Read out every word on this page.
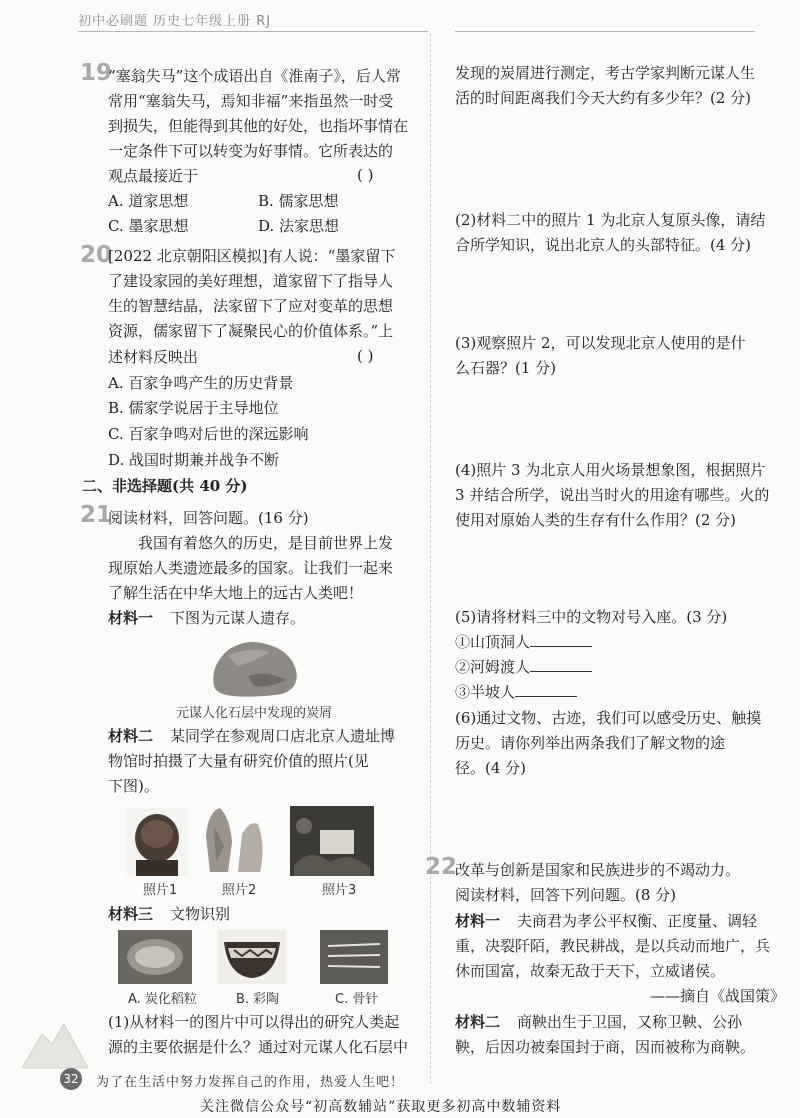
初中必刷题 历史七年级上册 RJ
19
“塞翁失马”这个成语出自《淮南子》，后人常
常用“塞翁失马，焉知非福”来指虽然一时受
到损失，但能得到其他的好处，也指坏事情在
一定条件下可以转变为好事情。它所表达的
观点最接近于	( )
A. 道家思想	B. 儒家思想
C. 墨家思想	D. 法家思想
20
[2022 北京朝阳区模拟]有人说：“墨家留下
了建设家园的美好理想，道家留下了指导人
生的智慧结晶，法家留下了应对变革的思想
资源，儒家留下了凝聚民心的价值体系。”上
述材料反映出	( )
A. 百家争鸣产生的历史背景
B. 儒家学说居于主导地位
C. 百家争鸣对后世的深远影响
D. 战国时期兼并战争不断
二、非选择题(共 40 分)
21
阅读材料，回答问题。(16 分)
我国有着悠久的历史，是目前世界上发
现原始人类遗迹最多的国家。让我们一起来
了解生活在中华大地上的远古人类吧！
材料一 下图为元谋人遗存。
元谋人化石层中发现的炭屑
材料二 某同学在参观周口店北京人遗址博
物馆时拍摄了大量有研究价值的照片(见
下图)。
照片1	照片2	照片3
材料三 文物识别
A. 炭化稻粒	B. 彩陶	C. 骨针
(1)从材料一的图片中可以得出的研究人类起
源的主要依据是什么？通过对元谋人化石层中
发现的炭屑进行测定，考古学家判断元谋人生
活的时间距离我们今天大约有多少年？(2 分)
(2)材料二中的照片 1 为北京人复原头像，请结
合所学知识，说出北京人的头部特征。(4 分)
(3)观察照片 2，可以发现北京人使用的是什
么石器？(1 分)
(4)照片 3 为北京人用火场景想象图，根据照片
3 并结合所学，说出当时火的用途有哪些。火的
使用对原始人类的生存有什么作用？(2 分)
(5)请将材料三中的文物对号入座。(3 分)
①山顶洞人
②河姆渡人
③半坡人
(6)通过文物、古迹，我们可以感受历史、触摸
历史。请你列举出两条我们了解文物的途
径。(4 分)
22
改革与创新是国家和民族进步的不竭动力。
阅读材料，回答下列问题。(8 分)
材料一 夫商君为孝公平权衡、正度量、调轻
重，决裂阡陌，教民耕战，是以兵动而地广，兵
休而国富，故秦无敌于天下，立威诸侯。
——摘自《战国策》
材料二 商鞅出生于卫国，又称卫鞅、公孙
鞅，后因功被秦国封于商，因而被称为商鞅。
32 为了在生活中努力发挥自己的作用，热爱人生吧！
关注微信公众号“初高数辅站”获取更多初高中数辅资料
